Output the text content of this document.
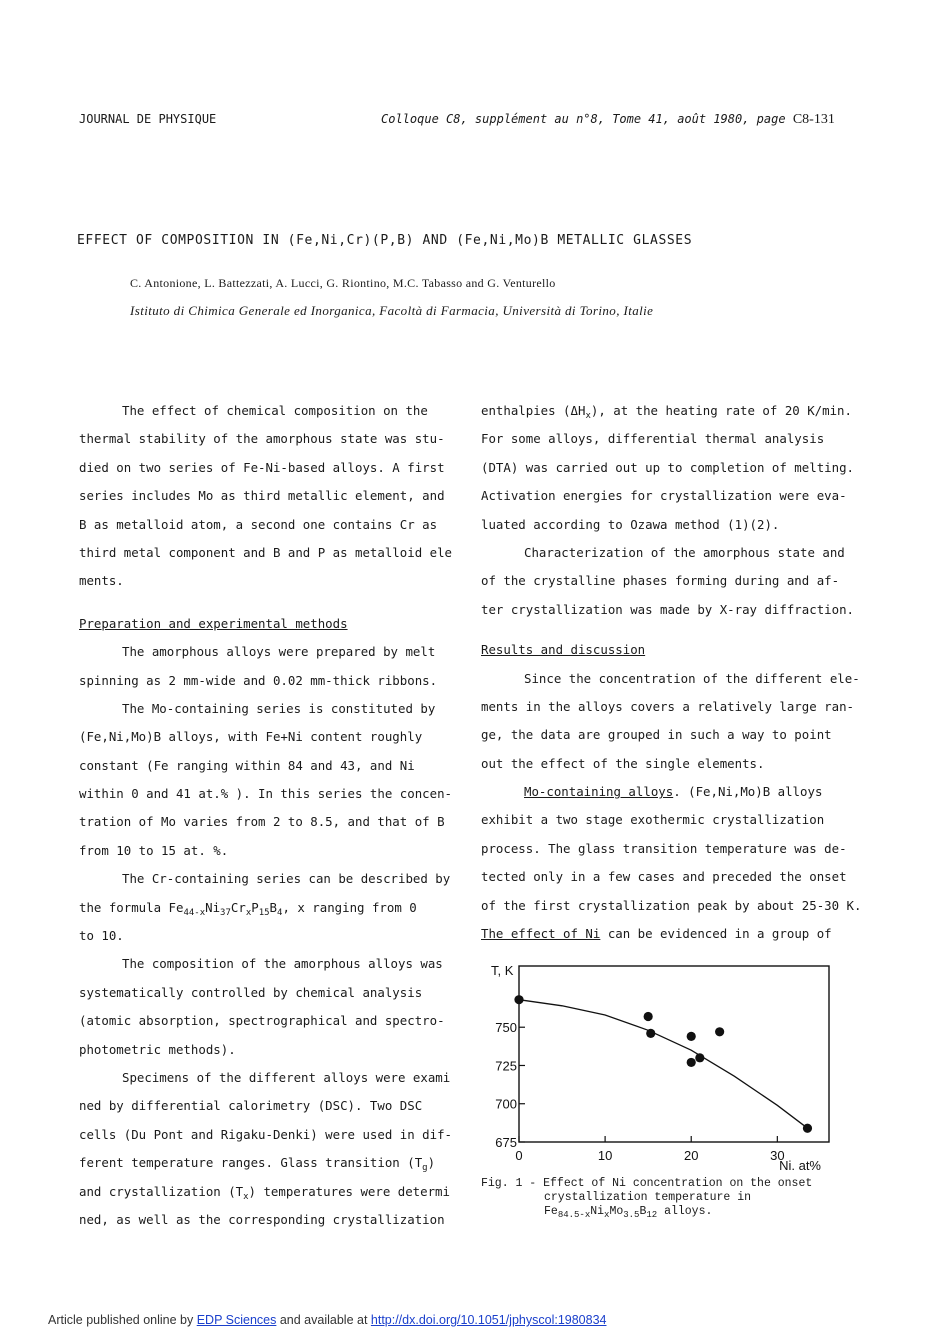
JOURNAL DE PHYSIQUE	Colloque C8, supplément au n°8, Tome 41, août 1980, page C8-131
EFFECT OF COMPOSITION IN (Fe,Ni,Cr)(P,B) AND (Fe,Ni,Mo)B METALLIC GLASSES
C. Antonione, L. Battezzati, A. Lucci, G. Riontino, M.C. Tabasso and G. Venturello
Istituto di Chimica Generale ed Inorganica, Facoltà di Farmacia, Università di Torino, Italie
The effect of chemical composition on the
thermal stability of the amorphous state was stu-
died on two series of Fe-Ni-based alloys. A first
series includes Mo as third metallic element, and
B as metalloid atom, a second one contains Cr as
third metal component and B and P as metalloid ele
ments.
Preparation and experimental methods
The amorphous alloys were prepared by melt
spinning as 2 mm-wide and 0.02 mm-thick ribbons.
The Mo-containing series is constituted by
(Fe,Ni,Mo)B alloys, with Fe+Ni content roughly
constant (Fe ranging within 84 and 43, and Ni
within 0 and 41 at.% ). In this series the concen-
tration of Mo varies from 2 to 8.5, and that of B
from 10 to 15 at. %.
The Cr-containing series can be described by
the formula $Fe_{44-x}Ni_{37}Cr_xP_{15}B_4$, x ranging from 0
to 10.
The composition of the amorphous alloys was
systematically controlled by chemical analysis
(atomic absorption, spectrographical and spectro-
photometric methods).
Specimens of the different alloys were exami
ned by differential calorimetry (DSC). Two DSC
cells (Du Pont and Rigaku-Denki) were used in dif-
ferent temperature ranges. Glass transition $(T_g)$
and crystallization $(T_x)$ temperatures were determi
ned, as well as the corresponding crystallization
enthalpies $(\Delta H_x)$, at the heating rate of 20 K/min.
For some alloys, differential thermal analysis
(DTA) was carried out up to completion of melting.
Activation energies for crystallization were eva-
luated according to Ozawa method (1)(2).
Characterization of the amorphous state and
of the crystalline phases forming during and af-
ter crystallization was made by X-ray diffraction.
Results and discussion
Since the concentration of the different ele-
ments in the alloys covers a relatively large ran-
ge, the data are grouped in such a way to point
out the effect of the single elements.
Mo-containing alloys. (Fe,Ni,Mo)B alloys
exhibit a two stage exothermic crystallization
process. The glass transition temperature was de-
tected only in a few cases and preceded the onset
of the first crystallization peak by about 25-30 K.
The effect of Ni can be evidenced in a group of
675
700
725
750
0	10	20	30
T, K
Ni, at%
Fig. 1 - Effect of Ni concentration on the onset
crystallization temperature in
$Fe_{84.5-x}Ni_xMo_{3.5}B_{12}$ alloys.
Article published online by EDP Sciences and available at http://dx.doi.org/10.1051/jphyscol:1980834
